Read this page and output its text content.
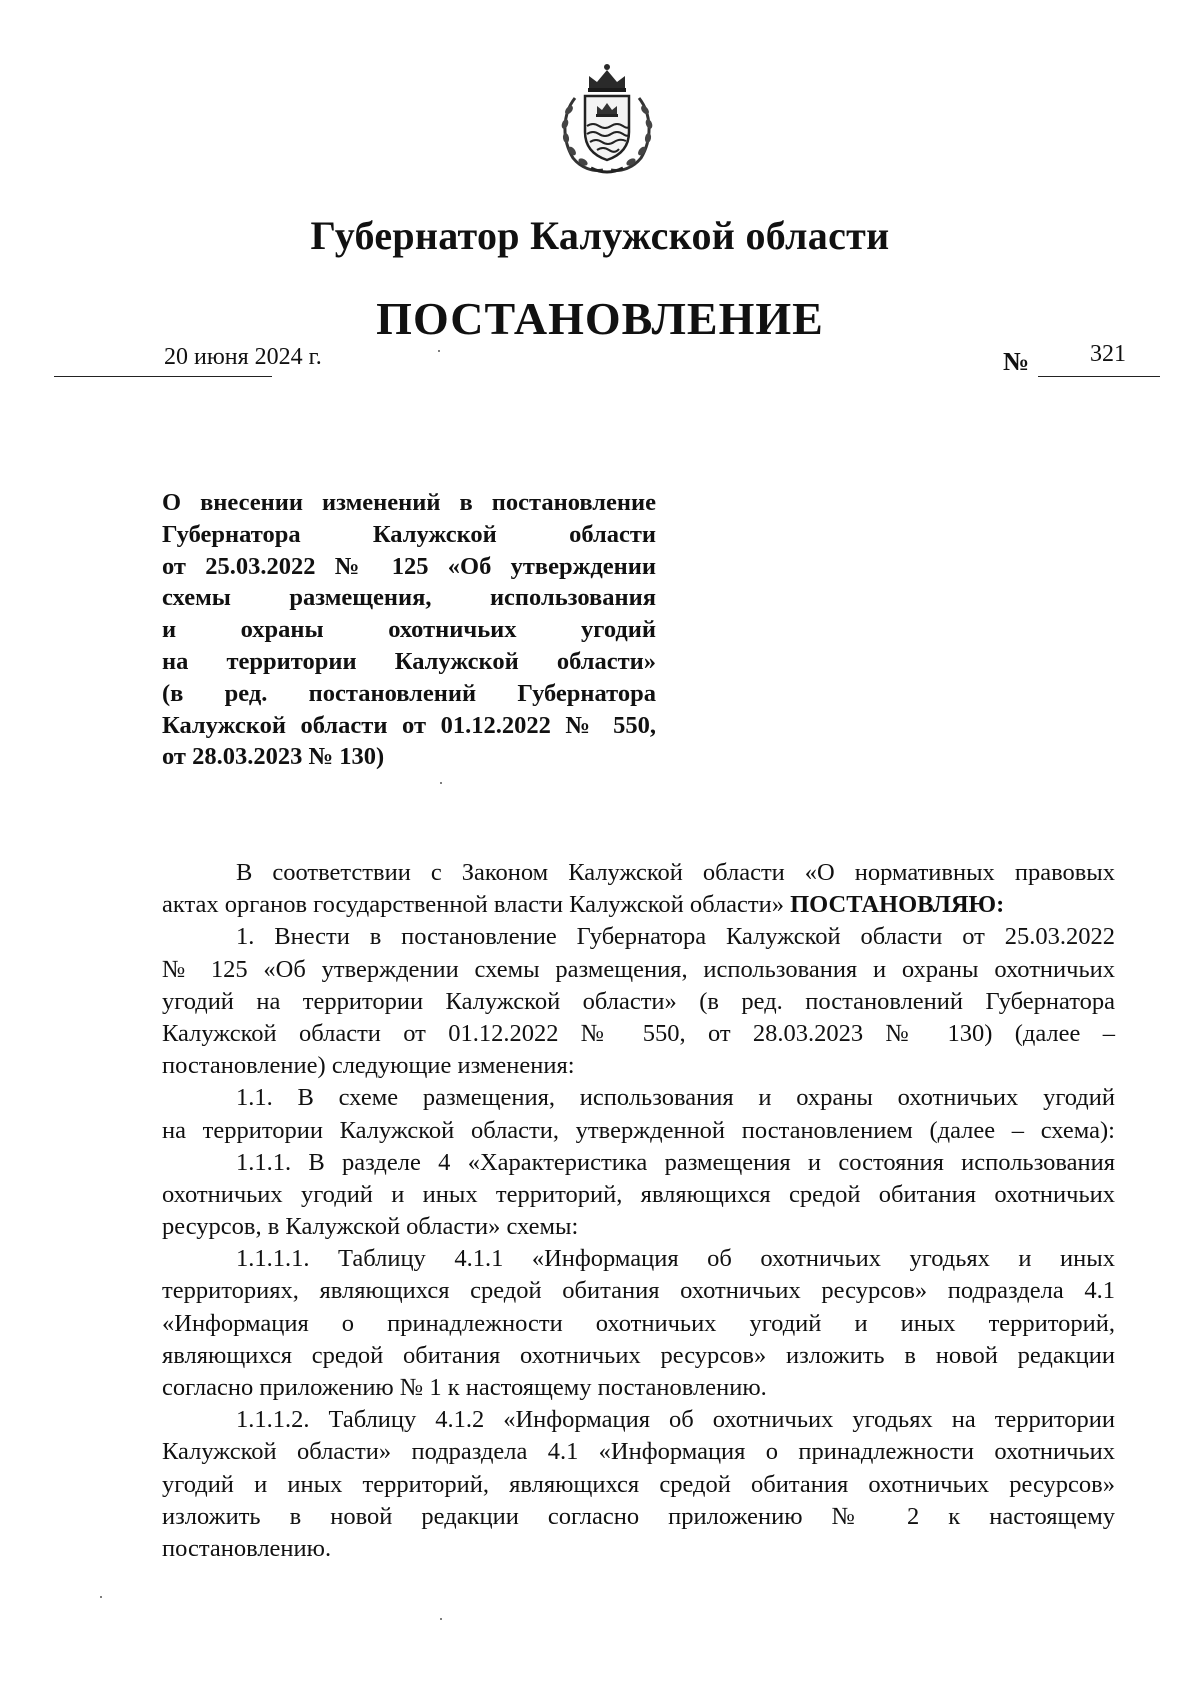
Губернатор Калужской области
ПОСТАНОВЛЕНИЕ
20 июня 2024 г.	№	321
О внесении изменений в постановление
Губернатора Калужской области
от 25.03.2022 № 125 «Об утверждении
схемы размещения, использования
и охраны охотничьих угодий
на территории Калужской области»
(в ред. постановлений Губернатора
Калужской области от 01.12.2022 № 550,
от 28.03.2023 № 130)
В соответствии с Законом Калужской области «О нормативных правовых
актах органов государственной власти Калужской области» ПОСТАНОВЛЯЮ:
1. Внести в постановление Губернатора Калужской области от 25.03.2022
№ 125 «Об утверждении схемы размещения, использования и охраны охотничьих
угодий на территории Калужской области» (в ред. постановлений Губернатора
Калужской области от 01.12.2022 № 550, от 28.03.2023 № 130) (далее –
постановление) следующие изменения:
1.1. В схеме размещения, использования и охраны охотничьих угодий
на территории Калужской области, утвержденной постановлением (далее – схема):
1.1.1. В разделе 4 «Характеристика размещения и состояния использования
охотничьих угодий и иных территорий, являющихся средой обитания охотничьих
ресурсов, в Калужской области» схемы:
1.1.1.1. Таблицу 4.1.1 «Информация об охотничьих угодьях и иных
территориях, являющихся средой обитания охотничьих ресурсов» подраздела 4.1
«Информация о принадлежности охотничьих угодий и иных территорий,
являющихся средой обитания охотничьих ресурсов» изложить в новой редакции
согласно приложению № 1 к настоящему постановлению.
1.1.1.2. Таблицу 4.1.2 «Информация об охотничьих угодьях на территории
Калужской области» подраздела 4.1 «Информация о принадлежности охотничьих
угодий и иных территорий, являющихся средой обитания охотничьих ресурсов»
изложить в новой редакции согласно приложению № 2 к настоящему
постановлению.
